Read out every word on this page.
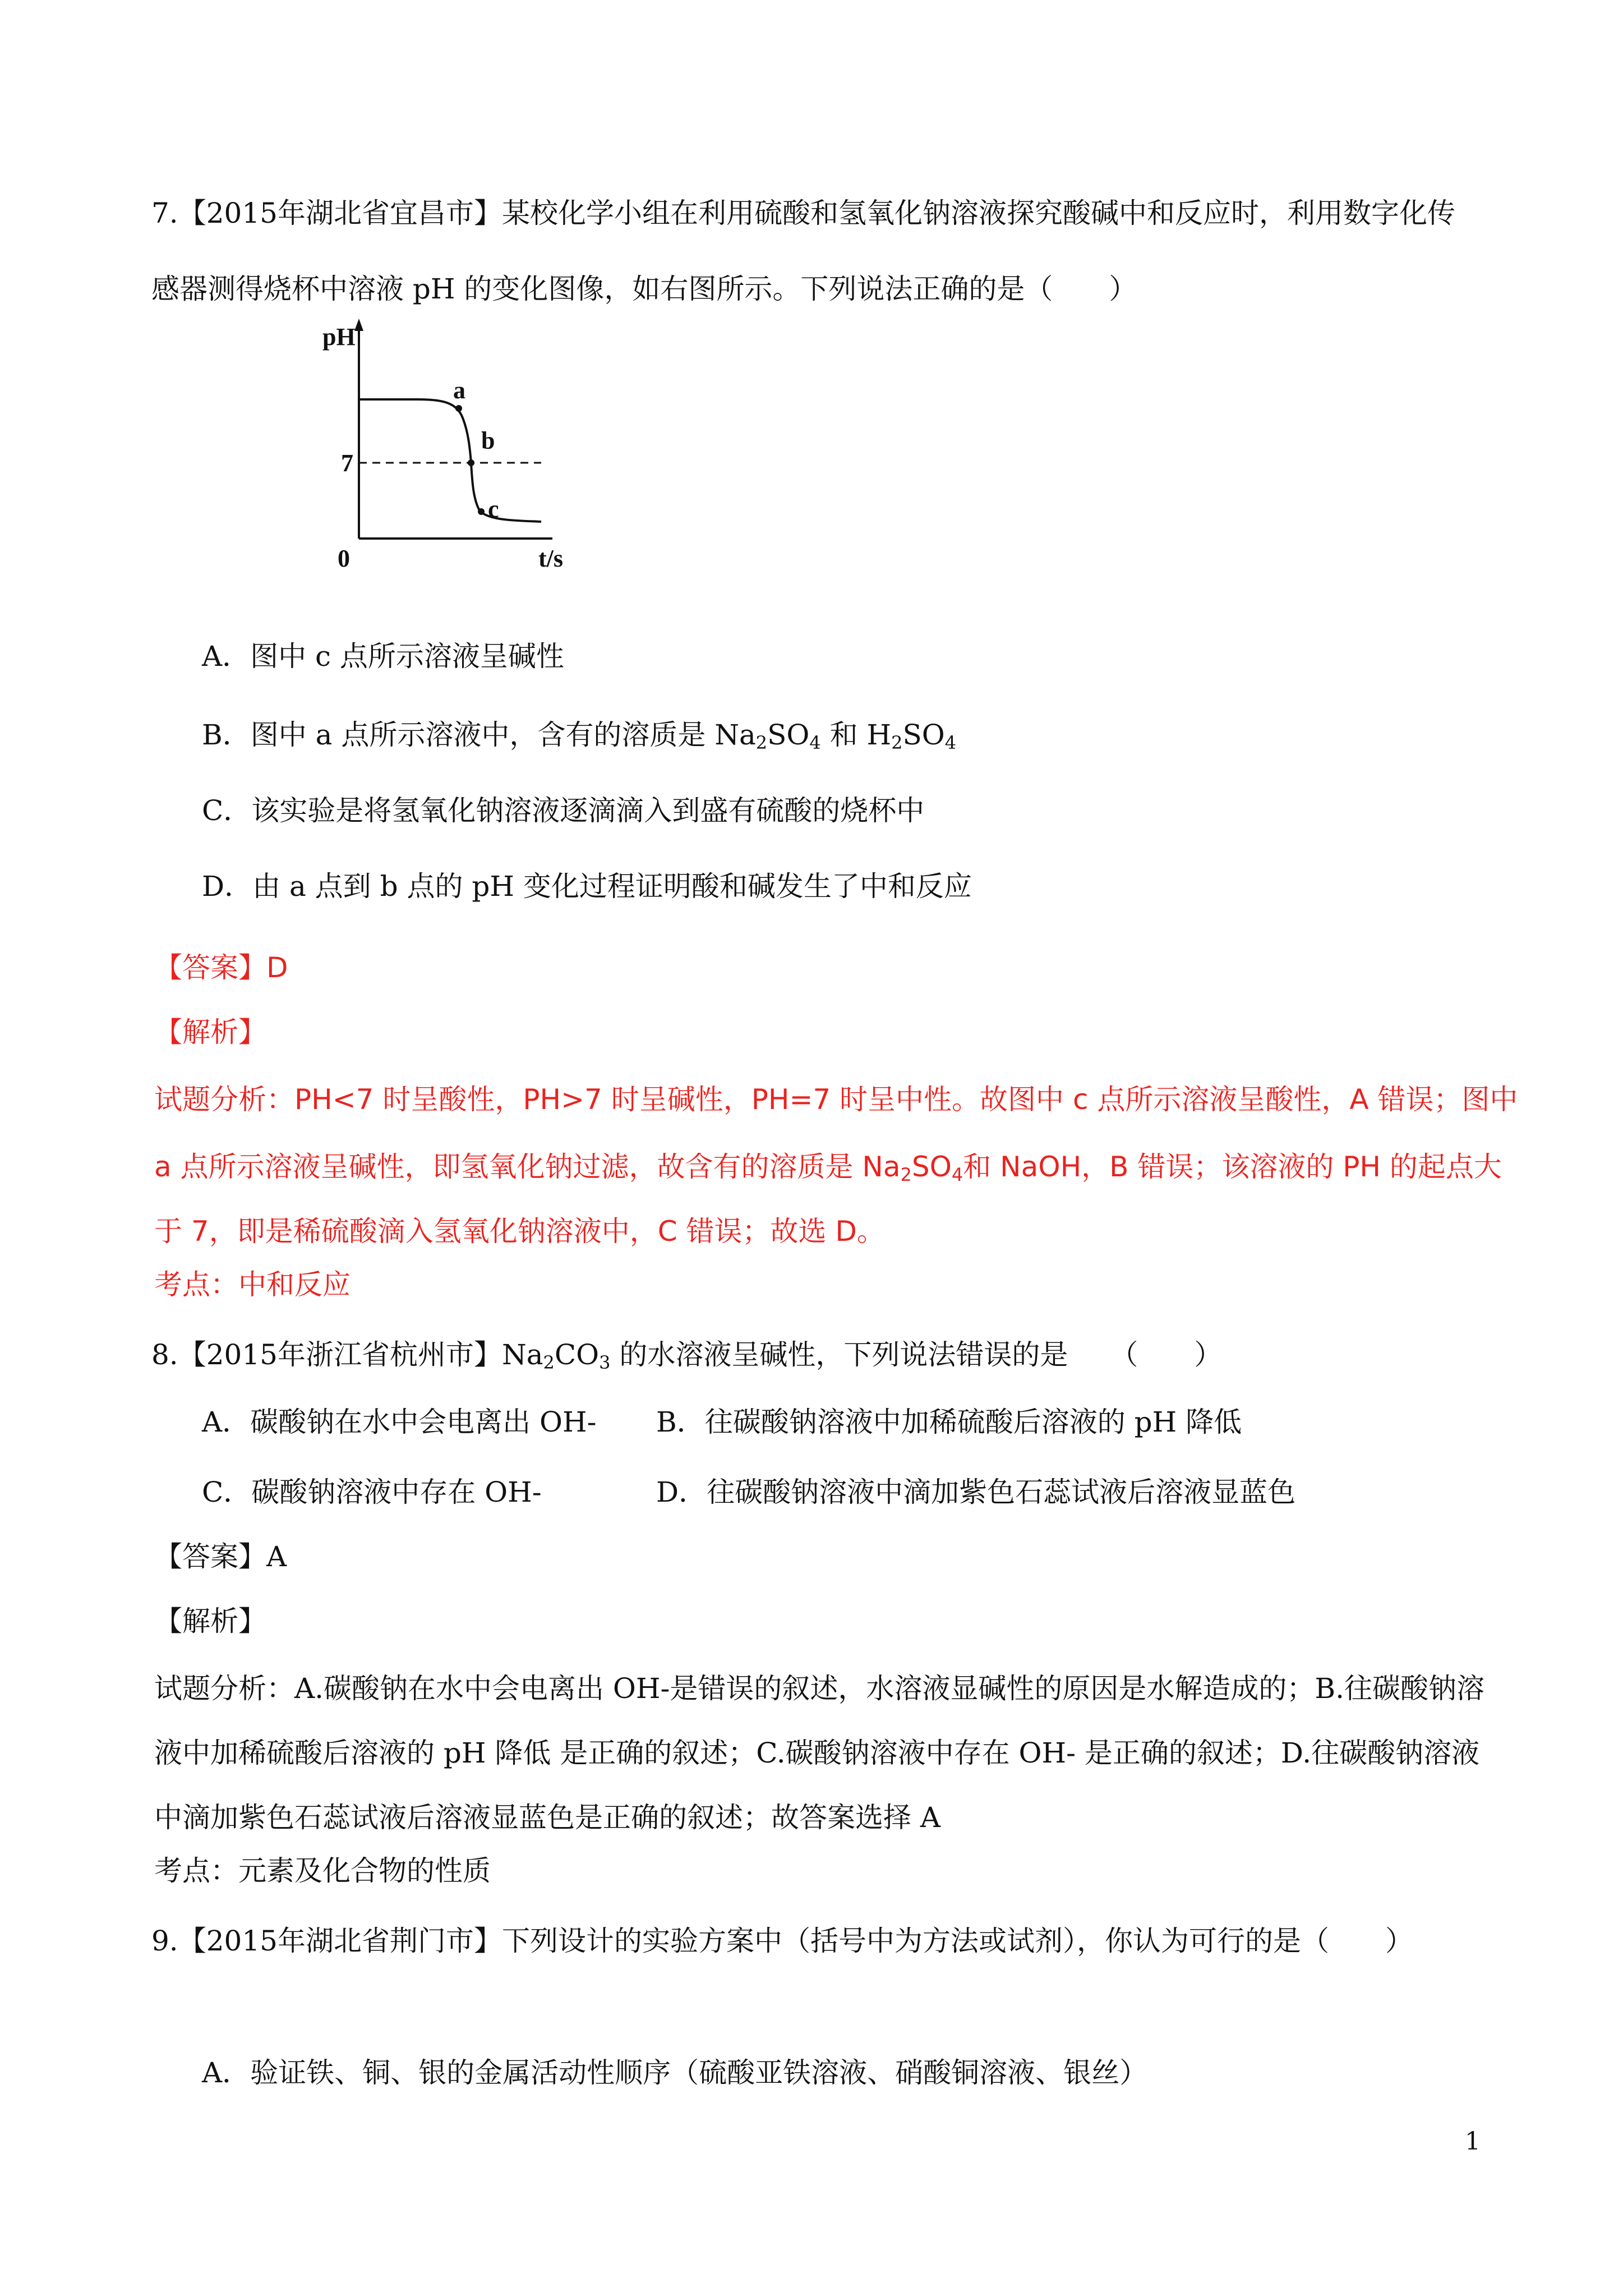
7.【2015年湖北省宜昌市】某校化学小组在利用硫酸和氢氧化钠溶液探究酸碱中和反应时，利用数字化传
感器测得烧杯中溶液 pH 的变化图像，如右图所示。下列说法正确的是（　　）
pH
7
0	t/s
a
b
c
A．图中 c 点所示溶液呈碱性
B．图中 a 点所示溶液中，含有的溶质是 $Na_2SO_4$ 和 $H_2SO_4$
C．该实验是将氢氧化钠溶液逐滴滴入到盛有硫酸的烧杯中
D．由 a 点到 b 点的 pH 变化过程证明酸和碱发生了中和反应
【答案】D
【解析】
试题分析：PH<7 时呈酸性，PH>7 时呈碱性，PH=7 时呈中性。故图中 c 点所示溶液呈酸性，A 错误；图中
a 点所示溶液呈碱性，即氢氧化钠过滤，故含有的溶质是 $Na_2SO_4$和 NaOH，B 错误；该溶液的 PH 的起点大
于 7，即是稀硫酸滴入氢氧化钠溶液中，C 错误；故选 D。
考点：中和反应
8.【2015年浙江省杭州市】$Na_2CO_3$ 的水溶液呈碱性，下列说法错误的是　　（　　）
A．碳酸钠在水中会电离出 OH- B．往碳酸钠溶液中加稀硫酸后溶液的 pH 降低
C．碳酸钠溶液中存在 OH-	D．往碳酸钠溶液中滴加紫色石蕊试液后溶液显蓝色
【答案】A
【解析】
试题分析：A.碳酸钠在水中会电离出 OH-是错误的叙述，水溶液显碱性的原因是水解造成的；B.往碳酸钠溶
液中加稀硫酸后溶液的 pH 降低 是正确的叙述；C.碳酸钠溶液中存在 OH- 是正确的叙述；D.往碳酸钠溶液
中滴加紫色石蕊试液后溶液显蓝色是正确的叙述；故答案选择 A
考点：元素及化合物的性质
9.【2015年湖北省荆门市】下列设计的实验方案中（括号中为方法或试剂），你认为可行的是（　　）
A．验证铁、铜、银的金属活动性顺序（硫酸亚铁溶液、硝酸铜溶液、银丝）
1
